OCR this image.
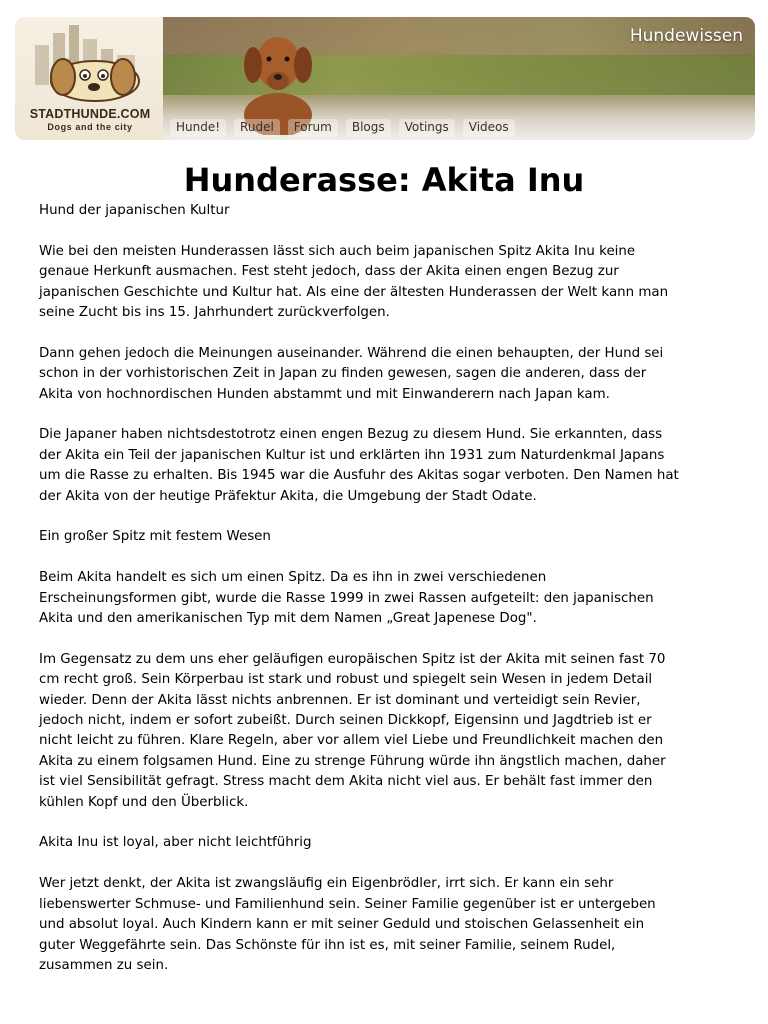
STADTHUNDE.COM
Dogs and the city
Hundewissen
Hunde!	Rudel	Forum	Blogs	Votings	Videos
Hunderasse: Akita Inu

Hund der japanischen Kultur

Wie bei den meisten Hunderassen lässt sich auch beim japanischen Spitz Akita Inu keine genaue Herkunft ausmachen. Fest steht jedoch, dass der Akita einen engen Bezug zur japanischen Geschichte und Kultur hat. Als eine der ältesten Hunderassen der Welt kann man seine Zucht bis ins 15. Jahrhundert zurückverfolgen.

Dann gehen jedoch die Meinungen auseinander. Während die einen behaupten, der Hund sei schon in der vorhistorischen Zeit in Japan zu finden gewesen, sagen die anderen, dass der Akita von hochnordischen Hunden abstammt und mit Einwanderern nach Japan kam.

Die Japaner haben nichtsdestotrotz einen engen Bezug zu diesem Hund. Sie erkannten, dass der Akita ein Teil der japanischen Kultur ist und erklärten ihn 1931 zum Naturdenkmal Japans um die Rasse zu erhalten. Bis 1945 war die Ausfuhr des Akitas sogar verboten. Den Namen hat der Akita von der heutige Präfektur Akita, die Umgebung der Stadt Odate.

Ein großer Spitz mit festem Wesen

Beim Akita handelt es sich um einen Spitz. Da es ihn in zwei verschiedenen Erscheinungsformen gibt, wurde die Rasse 1999 in zwei Rassen aufgeteilt: den japanischen Akita und den amerikanischen Typ mit dem Namen „Great Japenese Dog".

Im Gegensatz zu dem uns eher geläufigen europäischen Spitz ist der Akita mit seinen fast 70 cm recht groß. Sein Körperbau ist stark und robust und spiegelt sein Wesen in jedem Detail wieder. Denn der Akita lässt nichts anbrennen. Er ist dominant und verteidigt sein Revier, jedoch nicht, indem er sofort zubeißt. Durch seinen Dickkopf, Eigensinn und Jagdtrieb ist er nicht leicht zu führen. Klare Regeln, aber vor allem viel Liebe und Freundlichkeit machen den Akita zu einem folgsamen Hund. Eine zu strenge Führung würde ihn ängstlich machen, daher ist viel Sensibilität gefragt. Stress macht dem Akita nicht viel aus. Er behält fast immer den kühlen Kopf und den Überblick.

Akita Inu ist loyal, aber nicht leichtführig

Wer jetzt denkt, der Akita ist zwangsläufig ein Eigenbrödler, irrt sich. Er kann ein sehr liebenswerter Schmuse- und Familienhund sein. Seiner Familie gegenüber ist er untergeben und absolut loyal. Auch Kindern kann er mit seiner Geduld und stoischen Gelassenheit ein guter Weggefährte sein. Das Schönste für ihn ist es, mit seiner Familie, seinem Rudel, zusammen zu sein.
